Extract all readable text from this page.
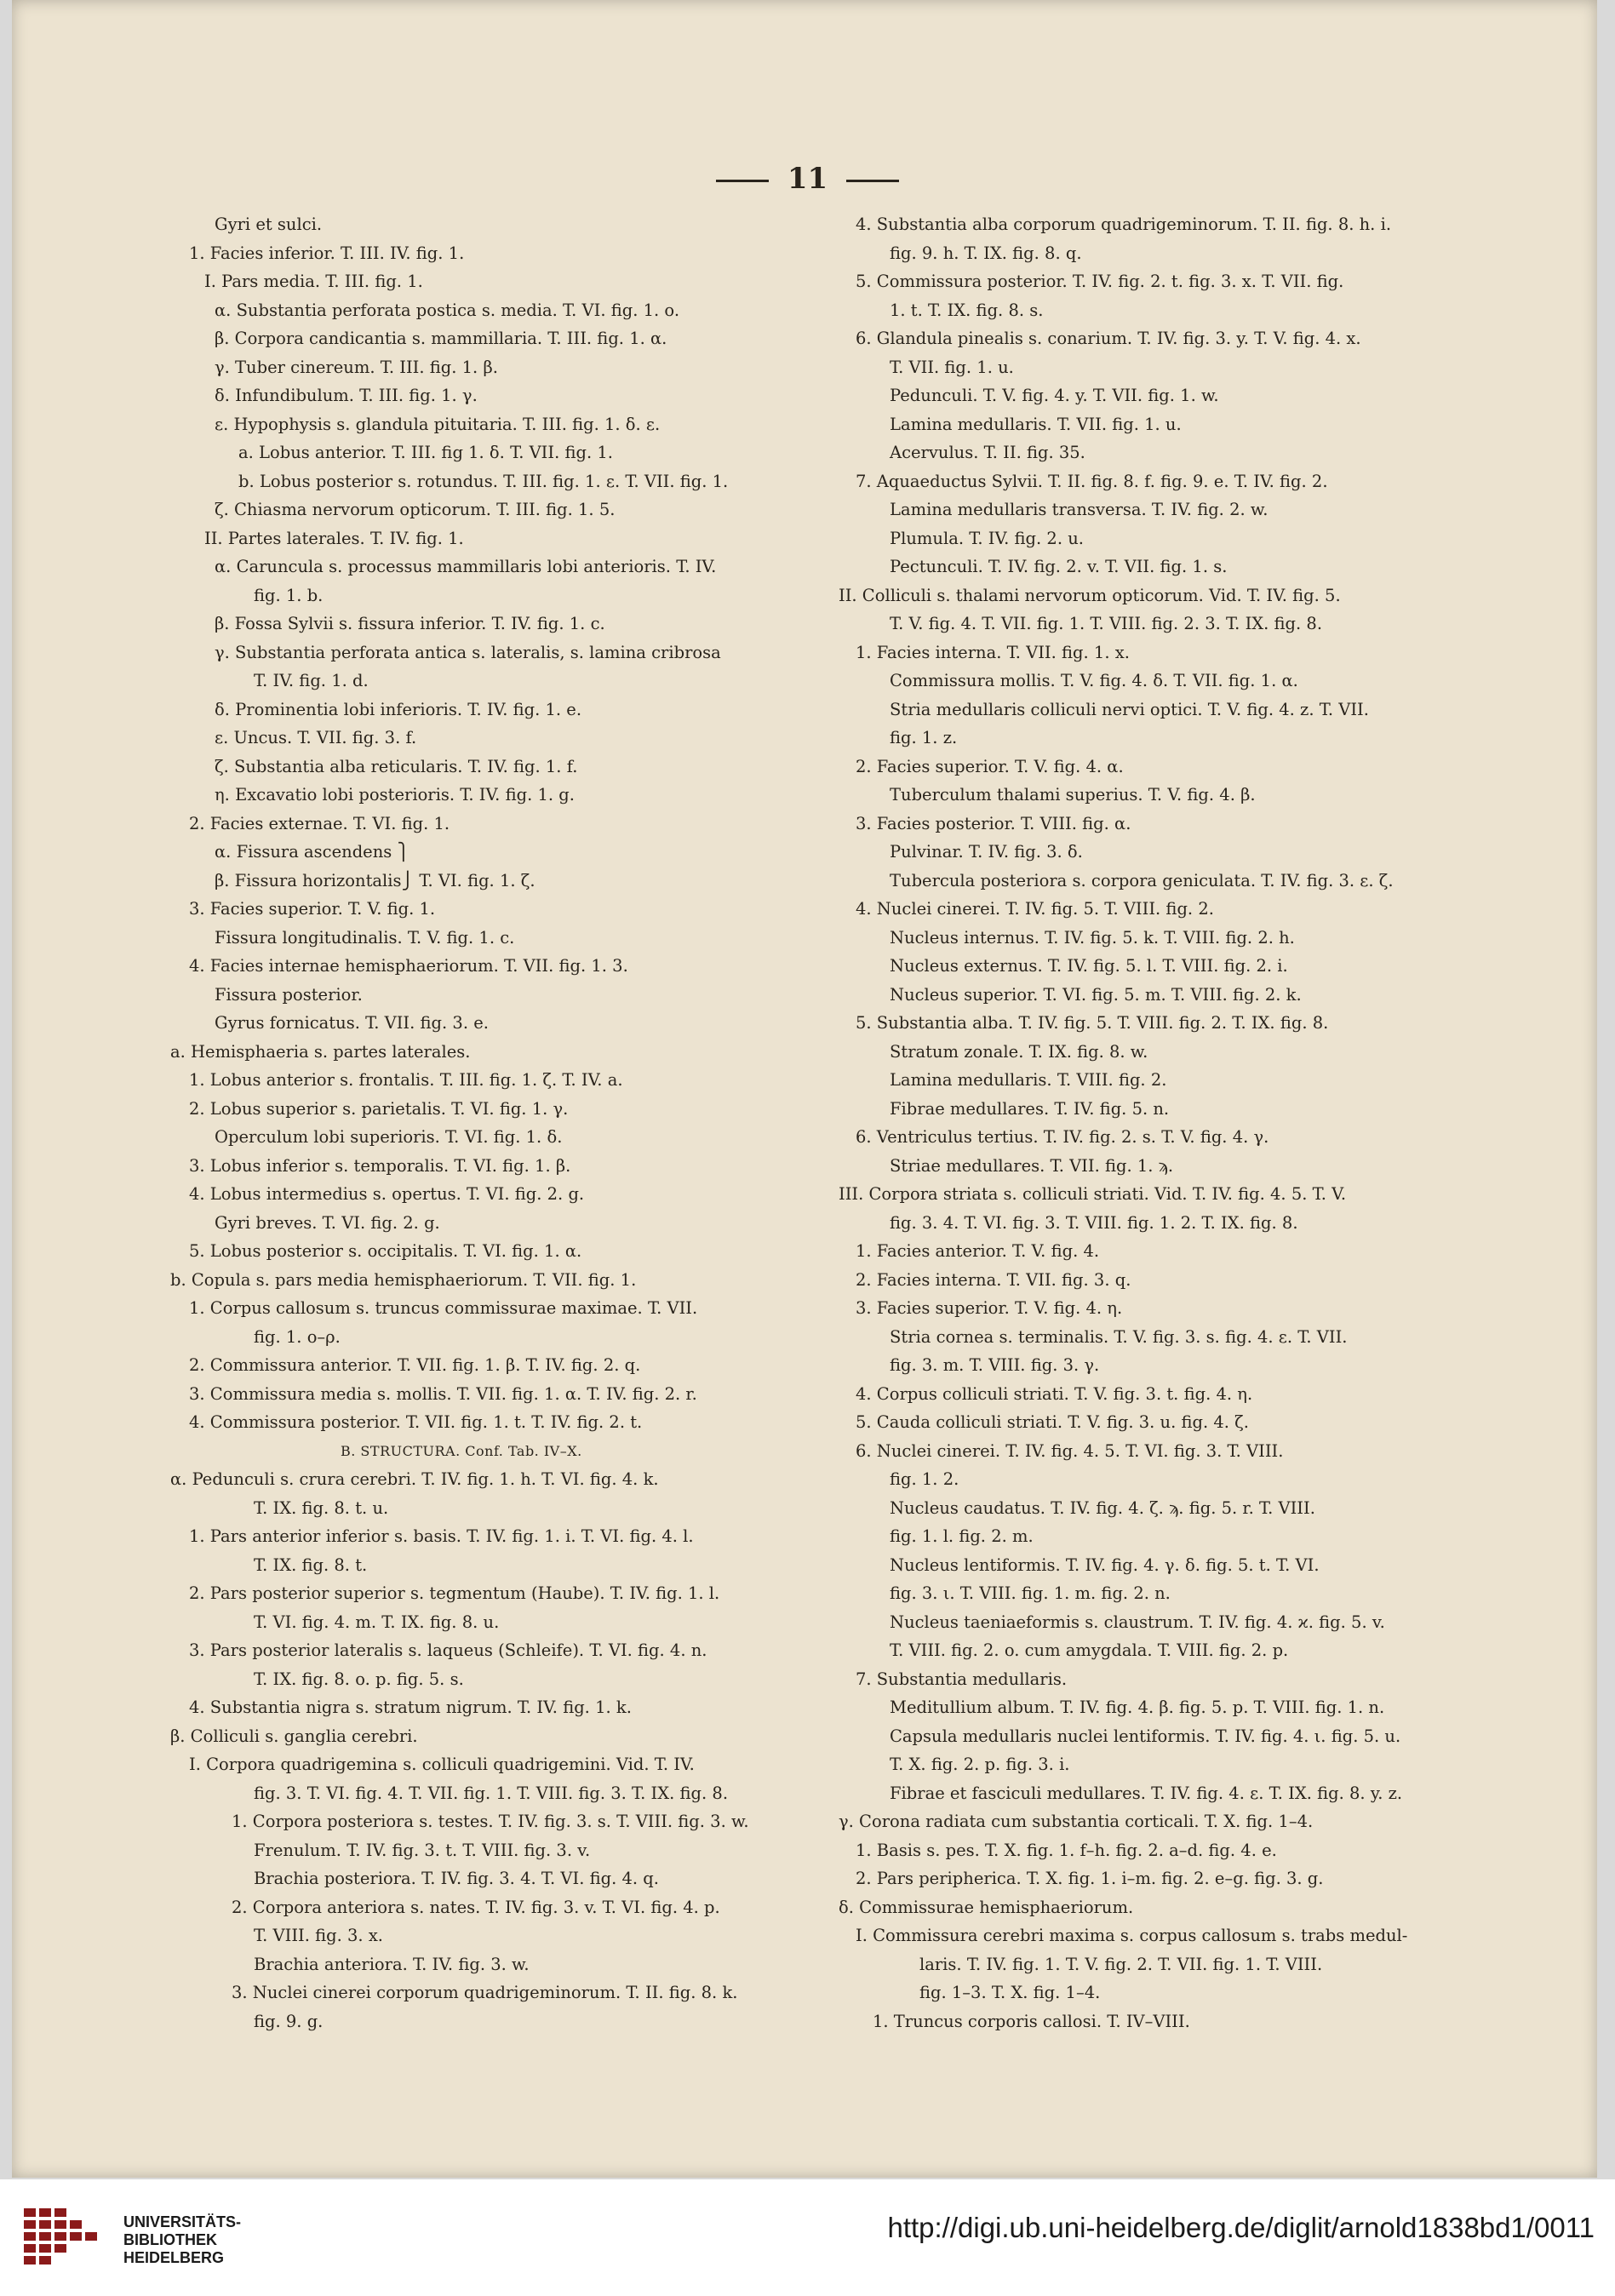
11
Gyri et sulci.
1. Facies inferior. T. III. IV. fig. 1.
I. Pars media. T. III. fig. 1.
α. Substantia perforata postica s. media. T. VI. fig. 1. o.
β. Corpora candicantia s. mammillaria. T. III. fig. 1. α.
γ. Tuber cinereum. T. III. fig. 1. β.
δ. Infundibulum. T. III. fig. 1. γ.
ε. Hypophysis s. glandula pituitaria. T. III. fig. 1. δ. ε.
a. Lobus anterior. T. III. fig 1. δ. T. VII. fig. 1.
b. Lobus posterior s. rotundus. T. III. fig. 1. ε. T. VII. fig. 1.
ζ. Chiasma nervorum opticorum. T. III. fig. 1. 5.
II. Partes laterales. T. IV. fig. 1.
α. Caruncula s. processus mammillaris lobi anterioris. T. IV.
fig. 1. b.
β. Fossa Sylvii s. fissura inferior. T. IV. fig. 1. c.
γ. Substantia perforata antica s. lateralis, s. lamina cribrosa
T. IV. fig. 1. d.
δ. Prominentia lobi inferioris. T. IV. fig. 1. e.
ε. Uncus. T. VII. fig. 3. f.
ζ. Substantia alba reticularis. T. IV. fig. 1. f.
η. Excavatio lobi posterioris. T. IV. fig. 1. g.
2. Facies externae. T. VI. fig. 1.
α. Fissura ascendens ⎫
β. Fissura horizontalis⎭ T. VI. fig. 1. ζ.
3. Facies superior. T. V. fig. 1.
Fissura longitudinalis. T. V. fig. 1. c.
4. Facies internae hemisphaeriorum. T. VII. fig. 1. 3.
Fissura posterior.
Gyrus fornicatus. T. VII. fig. 3. e.
a. Hemisphaeria s. partes laterales.
1. Lobus anterior s. frontalis. T. III. fig. 1. ζ. T. IV. a.
2. Lobus superior s. parietalis. T. VI. fig. 1. γ.
Operculum lobi superioris. T. VI. fig. 1. δ.
3. Lobus inferior s. temporalis. T. VI. fig. 1. β.
4. Lobus intermedius s. opertus. T. VI. fig. 2. g.
Gyri breves. T. VI. fig. 2. g.
5. Lobus posterior s. occipitalis. T. VI. fig. 1. α.
b. Copula s. pars media hemisphaeriorum. T. VII. fig. 1.
1. Corpus callosum s. truncus commissurae maximae. T. VII.
fig. 1. o–ρ.
2. Commissura anterior. T. VII. fig. 1. β. T. IV. fig. 2. q.
3. Commissura media s. mollis. T. VII. fig. 1. α. T. IV. fig. 2. r.
4. Commissura posterior. T. VII. fig. 1. t. T. IV. fig. 2. t.
B. STRUCTURA. Conf. Tab. IV–X.
α. Pedunculi s. crura cerebri. T. IV. fig. 1. h. T. VI. fig. 4. k.
T. IX. fig. 8. t. u.
1. Pars anterior inferior s. basis. T. IV. fig. 1. i. T. VI. fig. 4. l.
T. IX. fig. 8. t.
2. Pars posterior superior s. tegmentum (Haube). T. IV. fig. 1. l.
T. VI. fig. 4. m. T. IX. fig. 8. u.
3. Pars posterior lateralis s. laqueus (Schleife). T. VI. fig. 4. n.
T. IX. fig. 8. o. p. fig. 5. s.
4. Substantia nigra s. stratum nigrum. T. IV. fig. 1. k.
β. Colliculi s. ganglia cerebri.
I. Corpora quadrigemina s. colliculi quadrigemini. Vid. T. IV.
fig. 3. T. VI. fig. 4. T. VII. fig. 1. T. VIII. fig. 3. T. IX. fig. 8.
1. Corpora posteriora s. testes. T. IV. fig. 3. s. T. VIII. fig. 3. w.
Frenulum. T. IV. fig. 3. t. T. VIII. fig. 3. v.
Brachia posteriora. T. IV. fig. 3. 4. T. VI. fig. 4. q.
2. Corpora anteriora s. nates. T. IV. fig. 3. v. T. VI. fig. 4. p.
T. VIII. fig. 3. x.
Brachia anteriora. T. IV. fig. 3. w.
3. Nuclei cinerei corporum quadrigeminorum. T. II. fig. 8. k.
fig. 9. g.
4. Substantia alba corporum quadrigeminorum. T. II. fig. 8. h. i.
fig. 9. h. T. IX. fig. 8. q.
5. Commissura posterior. T. IV. fig. 2. t. fig. 3. x. T. VII. fig.
1. t. T. IX. fig. 8. s.
6. Glandula pinealis s. conarium. T. IV. fig. 3. y. T. V. fig. 4. x.
T. VII. fig. 1. u.
Pedunculi. T. V. fig. 4. y. T. VII. fig. 1. w.
Lamina medullaris. T. VII. fig. 1. u.
Acervulus. T. II. fig. 35.
7. Aquaeductus Sylvii. T. II. fig. 8. f. fig. 9. e. T. IV. fig. 2.
Lamina medullaris transversa. T. IV. fig. 2. w.
Plumula. T. IV. fig. 2. u.
Pectunculi. T. IV. fig. 2. v. T. VII. fig. 1. s.
II. Colliculi s. thalami nervorum opticorum. Vid. T. IV. fig. 5.
T. V. fig. 4. T. VII. fig. 1. T. VIII. fig. 2. 3. T. IX. fig. 8.
1. Facies interna. T. VII. fig. 1. x.
Commissura mollis. T. V. fig. 4. δ. T. VII. fig. 1. α.
Stria medullaris colliculi nervi optici. T. V. fig. 4. z. T. VII.
fig. 1. z.
2. Facies superior. T. V. fig. 4. α.
Tuberculum thalami superius. T. V. fig. 4. β.
3. Facies posterior. T. VIII. fig. α.
Pulvinar. T. IV. fig. 3. δ.
Tubercula posteriora s. corpora geniculata. T. IV. fig. 3. ε. ζ.
4. Nuclei cinerei. T. IV. fig. 5. T. VIII. fig. 2.
Nucleus internus. T. IV. fig. 5. k. T. VIII. fig. 2. h.
Nucleus externus. T. IV. fig. 5. l. T. VIII. fig. 2. i.
Nucleus superior. T. VI. fig. 5. m. T. VIII. fig. 2. k.
5. Substantia alba. T. IV. fig. 5. T. VIII. fig. 2. T. IX. fig. 8.
Stratum zonale. T. IX. fig. 8. w.
Lamina medullaris. T. VIII. fig. 2.
Fibrae medullares. T. IV. fig. 5. n.
6. Ventriculus tertius. T. IV. fig. 2. s. T. V. fig. 4. γ.
Striae medullares. T. VII. fig. 1. ϡ.
III. Corpora striata s. colliculi striati. Vid. T. IV. fig. 4. 5. T. V.
fig. 3. 4. T. VI. fig. 3. T. VIII. fig. 1. 2. T. IX. fig. 8.
1. Facies anterior. T. V. fig. 4.
2. Facies interna. T. VII. fig. 3. q.
3. Facies superior. T. V. fig. 4. η.
Stria cornea s. terminalis. T. V. fig. 3. s. fig. 4. ε. T. VII.
fig. 3. m. T. VIII. fig. 3. γ.
4. Corpus colliculi striati. T. V. fig. 3. t. fig. 4. η.
5. Cauda colliculi striati. T. V. fig. 3. u. fig. 4. ζ.
6. Nuclei cinerei. T. IV. fig. 4. 5. T. VI. fig. 3. T. VIII.
fig. 1. 2.
Nucleus caudatus. T. IV. fig. 4. ζ. ϡ. fig. 5. r. T. VIII.
fig. 1. l. fig. 2. m.
Nucleus lentiformis. T. IV. fig. 4. γ. δ. fig. 5. t. T. VI.
fig. 3. ι. T. VIII. fig. 1. m. fig. 2. n.
Nucleus taeniaeformis s. claustrum. T. IV. fig. 4. ϰ. fig. 5. v.
T. VIII. fig. 2. o. cum amygdala. T. VIII. fig. 2. p.
7. Substantia medullaris.
Meditullium album. T. IV. fig. 4. β. fig. 5. p. T. VIII. fig. 1. n.
Capsula medullaris nuclei lentiformis. T. IV. fig. 4. ι. fig. 5. u.
T. X. fig. 2. p. fig. 3. i.
Fibrae et fasciculi medullares. T. IV. fig. 4. ε. T. IX. fig. 8. y. z.
γ. Corona radiata cum substantia corticali. T. X. fig. 1–4.
1. Basis s. pes. T. X. fig. 1. f–h. fig. 2. a–d. fig. 4. e.
2. Pars peripherica. T. X. fig. 1. i–m. fig. 2. e–g. fig. 3. g.
δ. Commissurae hemisphaeriorum.
I. Commissura cerebri maxima s. corpus callosum s. trabs medul-
laris. T. IV. fig. 1. T. V. fig. 2. T. VII. fig. 1. T. VIII.
fig. 1–3. T. X. fig. 1–4.
1. Truncus corporis callosi. T. IV–VIII.
UNIVERSITÄTS-
BIBLIOTHEK
HEIDELBERG
http://digi.ub.uni-heidelberg.de/diglit/arnold1838bd1/0011
